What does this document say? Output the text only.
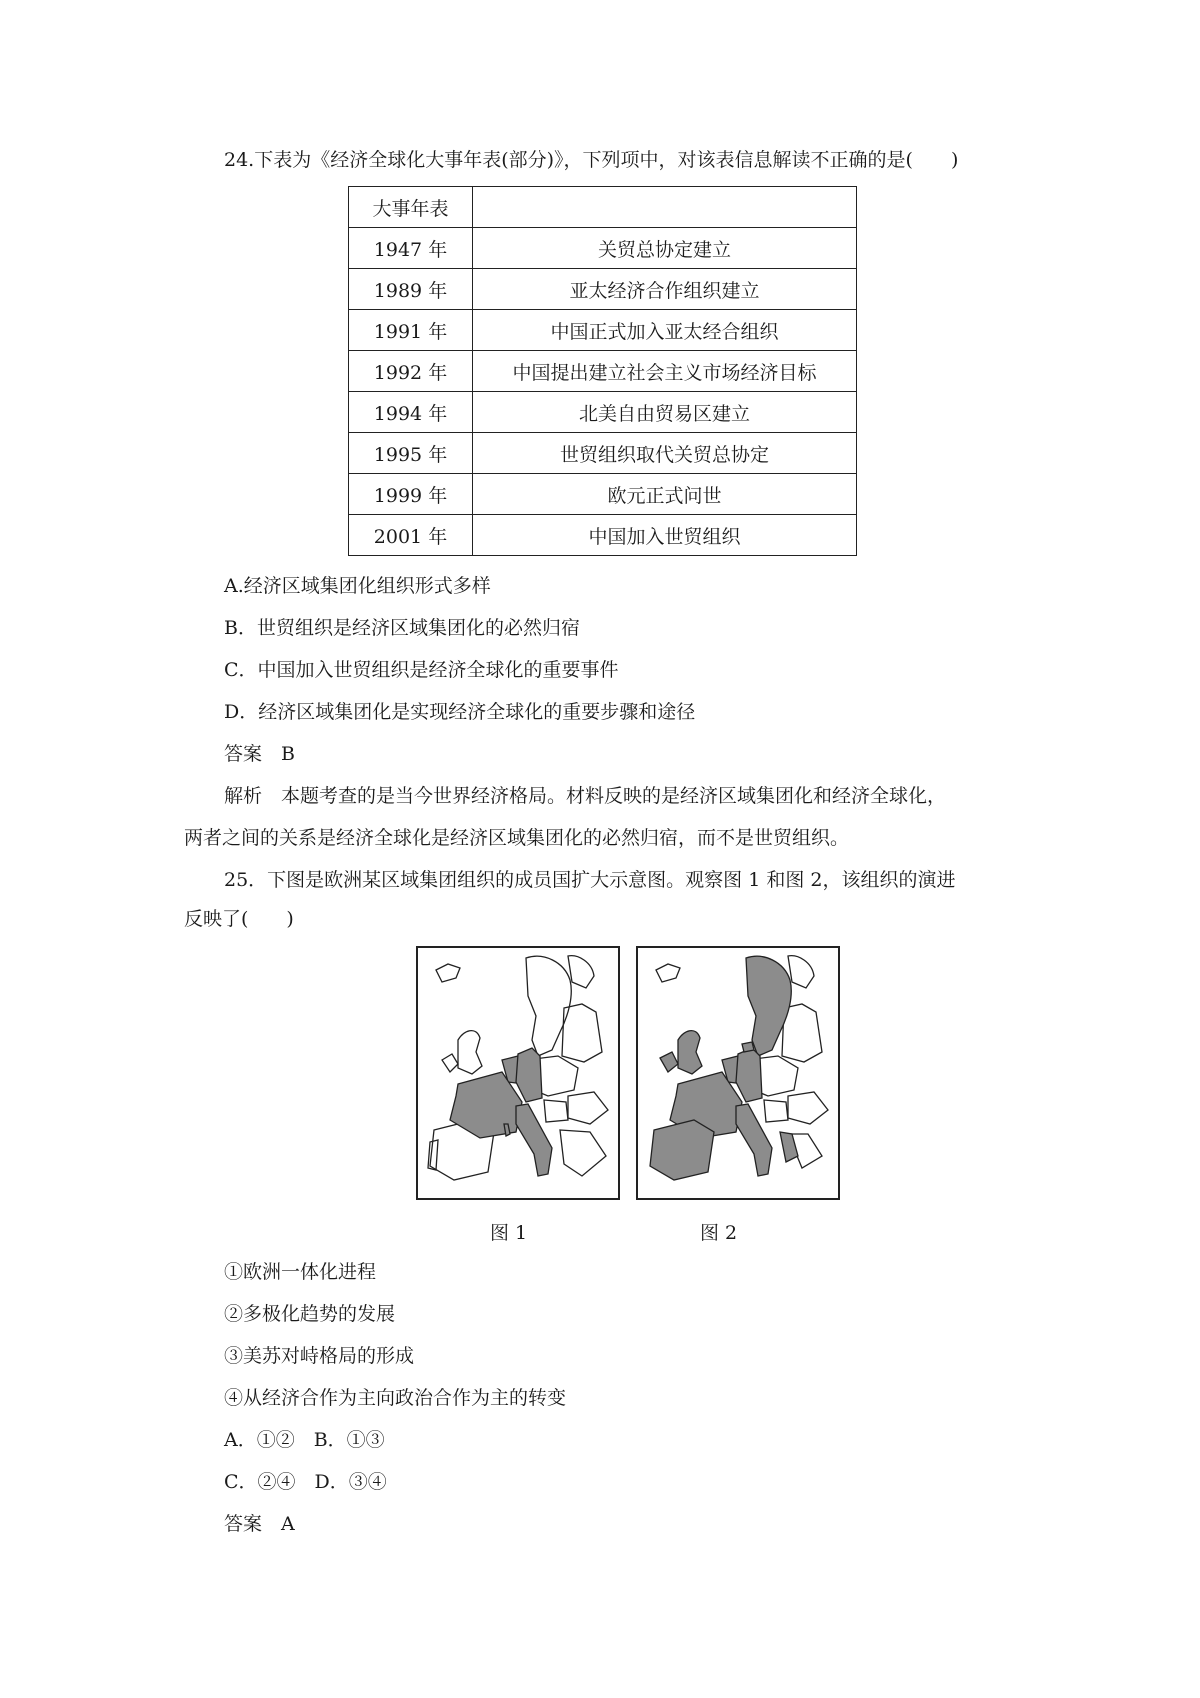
24.下表为《经济全球化大事年表(部分)》，下列项中，对该表信息解读不正确的是(　　)
大事年表	
1947 年	关贸总协定建立
1989 年	亚太经济合作组织建立
1991 年	中国正式加入亚太经合组织
1992 年	中国提出建立社会主义市场经济目标
1994 年	北美自由贸易区建立
1995 年	世贸组织取代关贸总协定
1999 年	欧元正式问世
2001 年	中国加入世贸组织
A.经济区域集团化组织形式多样
B．世贸组织是经济区域集团化的必然归宿
C．中国加入世贸组织是经济全球化的重要事件
D．经济区域集团化是实现经济全球化的重要步骤和途径
答案　B
解析　本题考查的是当今世界经济格局。材料反映的是经济区域集团化和经济全球化，
两者之间的关系是经济全球化是经济区域集团化的必然归宿，而不是世贸组织。
25．下图是欧洲某区域集团组织的成员国扩大示意图。观察图 1 和图 2，该组织的演进
反映了(　　)
图 1	图 2
①欧洲一体化进程
②多极化趋势的发展
③美苏对峙格局的形成
④从经济合作为主向政治合作为主的转变
A．①②　B．①③
C．②④　D．③④
答案　A
